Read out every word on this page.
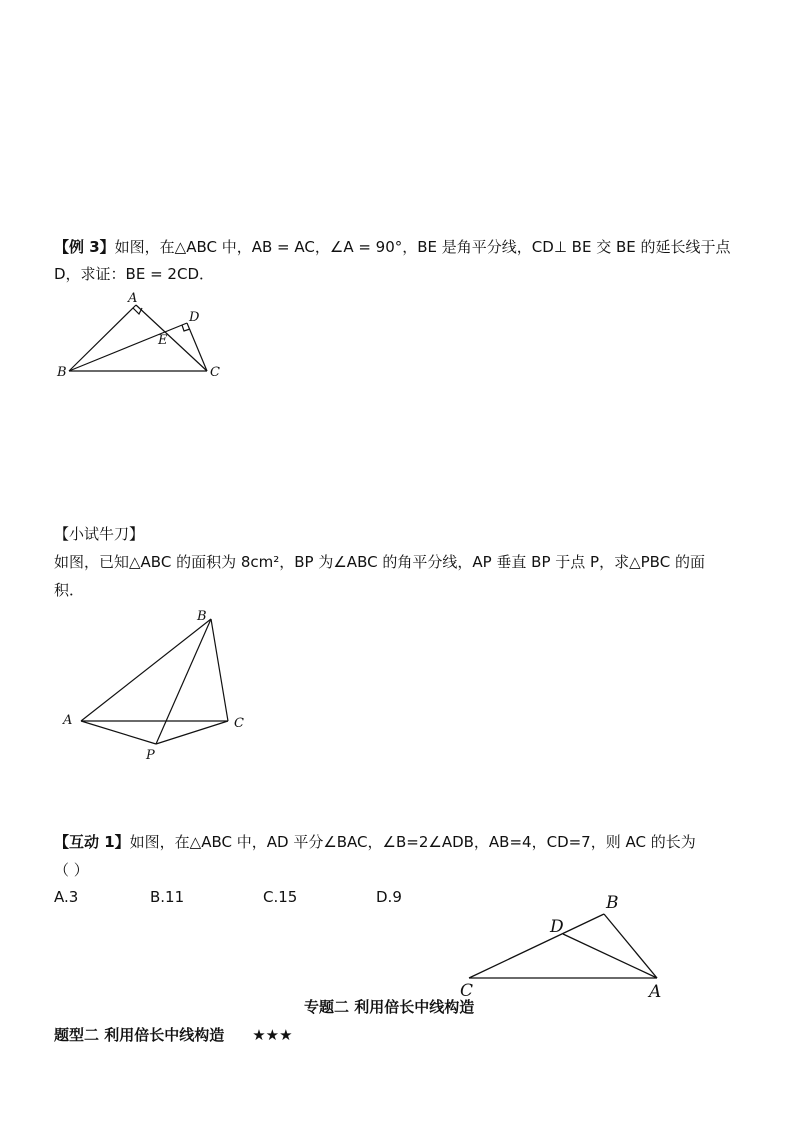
【例 3】如图，在△ABC 中，AB = AC，∠A = 90°，BE 是角平分线，CD⊥ BE 交 BE 的延长线于点
D，求证：BE = 2CD．
A
D
E
B	C
【小试牛刀】
如图，已知△ABC 的面积为 8cm²，BP 为∠ABC 的角平分线，AP 垂直 BP 于点 P，求△PBC 的面
积．
B
A	C
P
【互动 1】如图，在△ABC 中，AD 平分∠BAC，∠B=2∠ADB，AB=4，CD=7，则 AC 的长为
（ ）
A.3	B.11	C.15	D.9	B
D
C	A
专题二 利用倍长中线构造
题型二 利用倍长中线构造 ★★★
